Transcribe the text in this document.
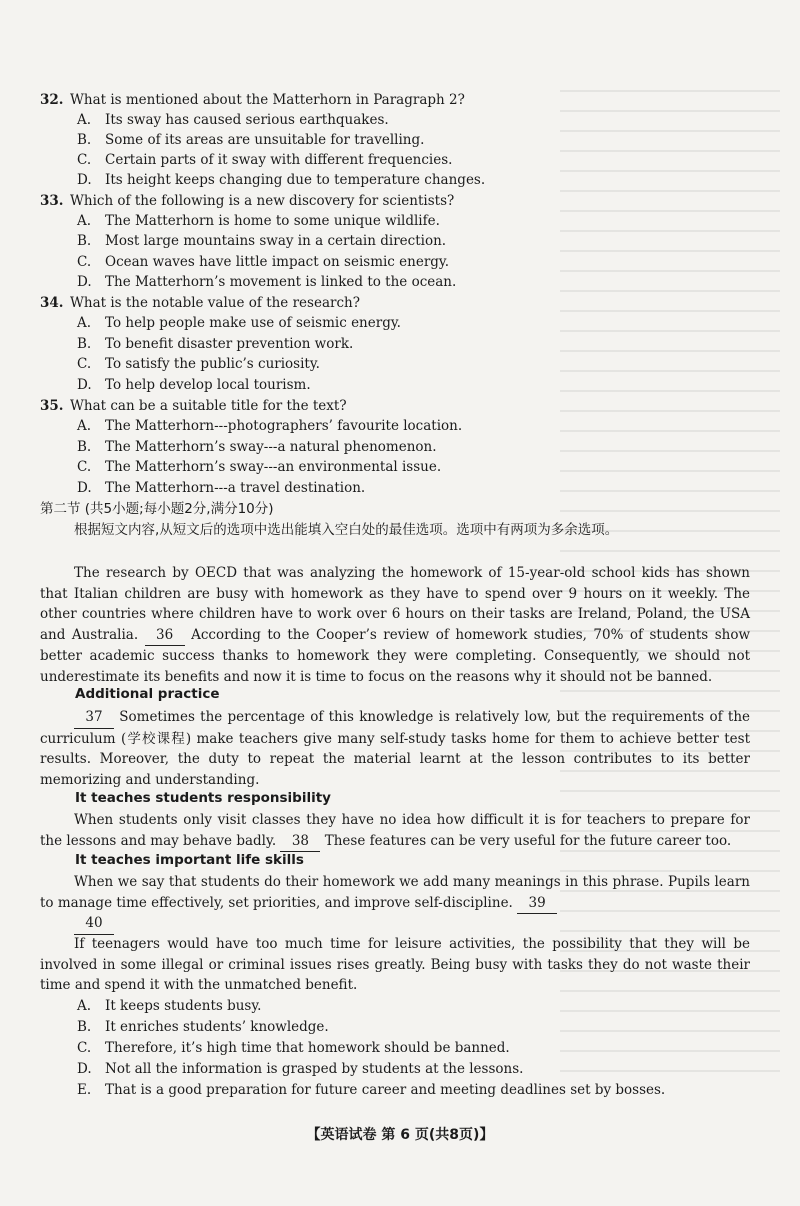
32. What is mentioned about the Matterhorn in Paragraph 2?
A. Its sway has caused serious earthquakes.
B. Some of its areas are unsuitable for travelling.
C. Certain parts of it sway with different frequencies.
D. Its height keeps changing due to temperature changes.
33. Which of the following is a new discovery for scientists?
A. The Matterhorn is home to some unique wildlife.
B. Most large mountains sway in a certain direction.
C. Ocean waves have little impact on seismic energy.
D. The Matterhorn’s movement is linked to the ocean.
34. What is the notable value of the research?
A. To help people make use of seismic energy.
B. To benefit disaster prevention work.
C. To satisfy the public’s curiosity.
D. To help develop local tourism.
35. What can be a suitable title for the text?
A. The Matterhorn---photographers’ favourite location.
B. The Matterhorn’s sway---a natural phenomenon.
C. The Matterhorn’s sway---an environmental issue.
D. The Matterhorn---a travel destination.
第二节 (共5小题;每小题2分,满分10分)
根据短文内容,从短文后的选项中选出能填入空白处的最佳选项。选项中有两项为多余选项。
The research by OECD that was analyzing the homework of 15-year-old school kids has shown that Italian children are busy with homework as they have to spend over 9 hours on it weekly. The other countries where children have to work over 6 hours on their tasks are Ireland, Poland, the USA and Australia. 36 According to the Cooper’s review of homework studies, 70% of students show better academic success thanks to homework they were completing. Consequently, we should not underestimate its benefits and now it is time to focus on the reasons why it should not be banned.
Additional practice
37 Sometimes the percentage of this knowledge is relatively low, but the requirements of the curriculum (学校课程) make teachers give many self-study tasks home for them to achieve better test results. Moreover, the duty to repeat the material learnt at the lesson contributes to its better memorizing and understanding.
It teaches students responsibility
When students only visit classes they have no idea how difficult it is for teachers to prepare for the lessons and may behave badly. 38 These features can be very useful for the future career too.
It teaches important life skills
When we say that students do their homework we add many meanings in this phrase. Pupils learn to manage time effectively, set priorities, and improve self-discipline. 39
40
If teenagers would have too much time for leisure activities, the possibility that they will be involved in some illegal or criminal issues rises greatly. Being busy with tasks they do not waste their time and spend it with the unmatched benefit.
A. It keeps students busy.
B. It enriches students’ knowledge.
C. Therefore, it’s high time that homework should be banned.
D. Not all the information is grasped by students at the lessons.
E. That is a good preparation for future career and meeting deadlines set by bosses.
【英语试卷 第 6 页(共8页)】
